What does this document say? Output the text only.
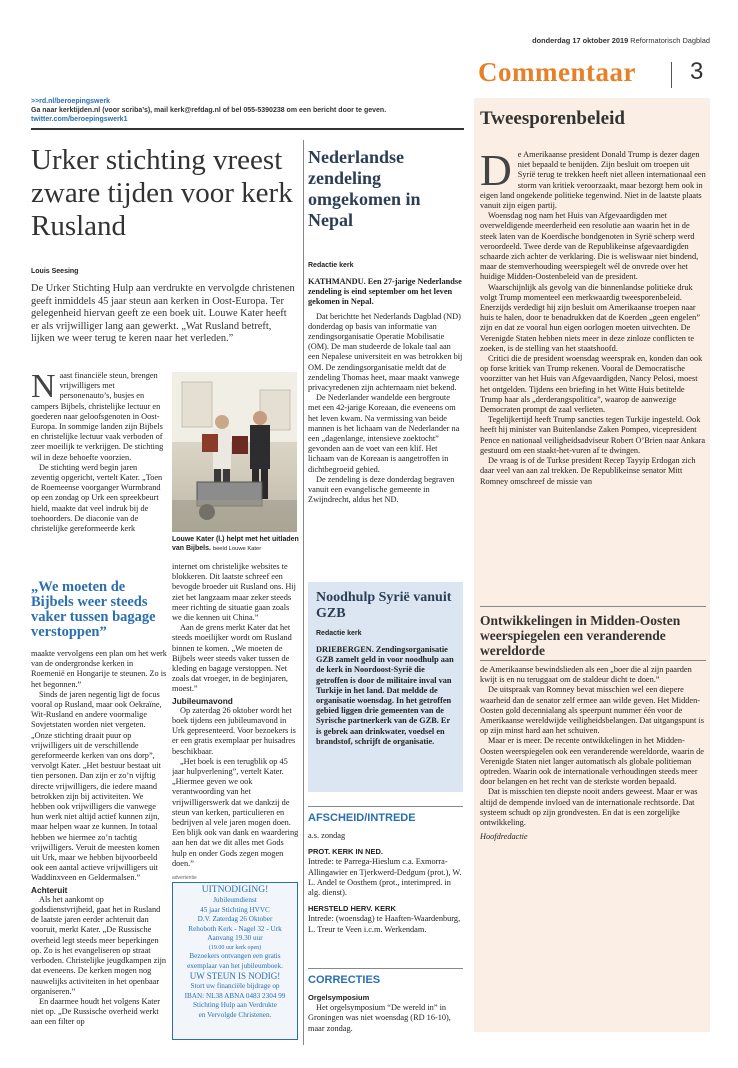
donderdag 17 oktober 2019 Reformatorisch Dagblad
Commentaar 3
>>rd.nl/beroepingswerk
Ga naar kerktijden.nl (voor scriba’s), mail kerk@refdag.nl of bel 055-5390238 om een bericht door te geven.
twitter.com/beroepingswerk1
Urker stichting vreest zware tijden voor kerk Rusland
Louis Seesing
De Urker Stichting Hulp aan verdrukte en vervolgde christenen geeft inmiddels 45 jaar steun aan kerken in Oost-Europa. Ter gelegenheid hiervan geeft ze een boek uit. Louwe Kater heeft er als vrijwilliger lang aan gewerkt. „Wat Rusland betreft, lijken we weer terug te keren naar het verleden.”
N aast financiële steun, brengen vrijwilligers met personenauto’s, busjes en campers Bijbels, christelijke lectuur en goederen naar geloofsgenoten in Oost-Europa. In sommige landen zijn Bijbels en christelijke lectuur vaak verboden of zeer moeilijk te verkrijgen. De stichting wil in deze behoefte voorzien.

De stichting werd begin jaren zeventig opgericht, vertelt Kater. „Toen de Roemeense voorganger Wurmbrand op een zondag op Urk een spreekbeurt hield, maakte dat veel indruk bij de toehoorders. De diaconie van de christelijke gereformeerde kerk

Louwe Kater (l.) helpt met het uitladen van Bijbels. beeld Louwe Kater
„We moeten de Bijbels weer steeds vaker tussen bagage verstoppen”

maakte vervolgens een plan om het werk van de ondergrondse kerken in Roemenië en Hongarije te steunen. Zo is het begonnen.”

Sinds de jaren negentig ligt de focus vooral op Rusland, maar ook Oekraïne, Wit-Rusland en andere voormalige Sovjetstaten worden niet vergeten. „Onze stichting draait puur op vrijwilligers uit de verschillende gereformeerde kerken van ons dorp”, vervolgt Kater. „Het bestuur bestaat uit tien personen. Dan zijn er zo’n vijftig directe vrijwilligers, die iedere maand betrokken zijn bij activiteiten. We hebben ook vrijwilligers die vanwege hun werk niet altijd actief kunnen zijn, maar helpen waar ze kunnen. In totaal hebben we hiermee zo’n tachtig vrijwilligers. Veruit de meesten komen uit Urk, maar we hebben bijvoorbeeld ook een aantal actieve vrijwilligers uit Waddinxveen en Geldermalsen.”

Achteruit

Als het aankomt op godsdienstvrijheid, gaat het in Rusland de laatste jaren eerder achteruit dan vooruit, merkt Kater. „De Russische overheid legt steeds meer beperkingen op. Zo is het evangeliseren op straat verboden. Christelijke jeugdkampen zijn dat eveneens. De kerken mogen nog nauwelijks activiteiten in het openbaar organiseren.”

En daarmee houdt het volgens Kater niet op. „De Russische overheid werkt aan een filter op

internet om christelijke websites te blokkeren. Dit laatste schreef een bevogde broeder uit Rusland ons. Hij ziet het langzaam maar zeker steeds meer richting de situatie gaan zoals we die kennen uit China.”

Aan de grens merkt Kater dat het steeds moeilijker wordt om Rusland binnen te komen. „We moeten de Bijbels weer steeds vaker tussen de kleding en bagage verstoppen. Net zoals dat vroeger, in de beginjaren, moest.”

Jubileumavond

Op zaterdag 26 oktober wordt het boek tijdens een jubileumavond in Urk gepresenteerd. Voor bezoekers is er een gratis exemplaar per huisadres beschikbaar.

„Het boek is een terugblik op 45 jaar hulpverlening”, vertelt Kater. „Hiermee geven we ook verantwoording van het vrijwilligerswerk dat we dankzij de steun van kerken, particulieren en bedrijven al vele jaren mogen doen. Een blijk ook van dank en waardering aan hen dat we dit alles met Gods hulp en onder Gods zegen mogen doen.”

advertentie
UITNODIGING!
Jubileumdienst
45 jaar Stichting HVVC
D.V. Zaterdag 26 Oktober
Rehoboth Kerk - Nagel 32 - Urk
Aanvang 19.30 uur
(19.00 uur kerk open)
Bezoekers ontvangen een gratis
exemplaar van het jubileumboek.
UW STEUN IS NODIG!
Stort uw financiële bijdrage op
IBAN: NL38 ABNA 0483 2304 99
Stichting Hulp aan Verdrukte
en Vervolgde Christenen.
Nederlandse zendeling omgekomen in Nepal
Redactie kerk

KATHMANDU. Een 27-jarige Nederlandse zendeling is eind september om het leven gekomen in Nepal.

Dat berichtte het Nederlands Dagblad (ND) donderdag op basis van informatie van zendingsorganisatie Operatie Mobilisatie (OM). De man studeerde de lokale taal aan een Nepalese universiteit en was betrokken bij OM. De zendingsorganisatie meldt dat de zendeling Thomas heet, maar maakt vanwege privacyredenen zijn achternaam niet bekend.

De Nederlander wandelde een bergroute met een 42-jarige Koreaan, die eveneens om het leven kwam. Na vermissing van beide mannen is het lichaam van de Nederlander na een „dagenlange, intensieve zoektocht” gevonden aan de voet van een klif. Het lichaam van de Koreaan is aangetroffen in dichtbegroeid gebied.

De zendeling is deze donderdag begraven vanuit een evangelische gemeente in Zwijndrecht, aldus het ND.

Noodhulp Syrië vanuit GZB
Redactie kerk
DRIEBERGEN. Zendingsorganisatie GZB zamelt geld in voor noodhulp aan de kerk in Noordoost-Syrië die getroffen is door de militaire inval van Turkije in het land. Dat meldde de organisatie woensdag. In het getroffen gebied liggen drie gemeenten van de Syrische partnerkerk van de GZB. Er is gebrek aan drinkwater, voedsel en brandstof, schrijft de organisatie.
AFSCHEID/INTREDE

a.s. zondag

PROT. KERK IN NED.

Intrede: te Parrega-Hieslum c.a. Exmorra-Allingawier en Tjerkwerd-Dedgum (prot.), W. L. Andel te Oosthem (prot., interimpred. in alg. dienst).

HERSTELD HERV. KERK

Intrede: (woensdag) te Haaften-Waardenburg, L. Treur te Veen i.c.m. Werkendam.

CORRECTIES

Orgelsymposium

Het orgelsymposium “De wereld in” in Groningen was niet woensdag (RD 16-10), maar zondag.

Tweesporenbeleid
D e Amerikaanse president Donald Trump is dezer dagen niet bepaald te benijden. Zijn besluit om troepen uit Syrië terug te trekken heeft niet alleen internationaal een storm van kritiek veroorzaakt, maar bezorgt hem ook in eigen land ongekende politieke tegenwind. Niet in de laatste plaats vanuit zijn eigen partij.

Woensdag nog nam het Huis van Afgevaardigden met overweldigende meerderheid een resolutie aan waarin het in de steek laten van de Koerdische bondgenoten in Syrië scherp werd veroordeeld. Twee derde van de Republikeinse afgevaardigden schaarde zich achter de verklaring. Die is weliswaar niet bindend, maar de stemverhouding weerspiegelt wél de onvrede over het huidige Midden-Oostenbeleid van de president.

Waarschijnlijk als gevolg van die binnenlandse politieke druk volgt Trump momenteel een merkwaardig tweesporenbeleid. Enerzijds verdedigt hij zijn besluit om Amerikaanse troepen naar huis te halen, door te benadrukken dat de Koerden „geen engelen” zijn en dat ze vooral hun eigen oorlogen moeten uitvechten. De Verenigde Staten hebben niets meer in deze zinloze conflicten te zoeken, is de stelling van het staatshoofd.

Critici die de president woensdag weersprak en, konden dan ook op forse kritiek van Trump rekenen. Vooral de Democratische voorzitter van het Huis van Afgevaardigden, Nancy Pelosi, moest het ontgelden. Tijdens een briefing in het Witte Huis betitelde Trump haar als „derderangspolitica”, waarop de aanwezige Democraten prompt de zaal verlieten.

Tegelijkertijd heeft Trump sancties tegen Turkije ingesteld. Ook heeft hij minister van Buitenlandse Zaken Pompeo, vicepresident Pence en nationaal veiligheidsadviseur Robert O’Brien naar Ankara gestuurd om een staakt-het-vuren af te dwingen.

De vraag is of de Turkse president Recep Tayyip Erdogan zich daar veel van aan zal trekken. De Republikeinse senator Mitt Romney omschreef de missie van

Ontwikkelingen in Midden-Oosten weerspiegelen een veranderende wereldorde

de Amerikaanse bewindslieden als een „boer die al zijn paarden kwijt is en nu teruggaat om de staldeur dicht te doen.”

De uitspraak van Romney bevat misschien wel een diepere waarheid dan de senator zelf ermee aan wilde geven. Het Midden-Oosten gold decennialang als speerpunt nummer één voor de Amerikaanse wereldwijde veiligheidsbelangen. Dat uitgangspunt is op zijn minst hard aan het schuiven.

Maar er is meer. De recente ontwikkelingen in het Midden-Oosten weerspiegelen ook een veranderende wereldorde, waarin de Verenigde Staten niet langer automatisch als globale politieman optreden. Waarin ook de internationale verhoudingen steeds meer door belangen en het recht van de sterkste worden bepaald.

Dat is misschien ten diepste nooit anders geweest. Maar er was altijd de dempende invloed van de internationale rechtsorde. Dat systeem schudt op zijn grondvesten. En dat is een zorgelijke ontwikkeling.

Hoofdredactie
